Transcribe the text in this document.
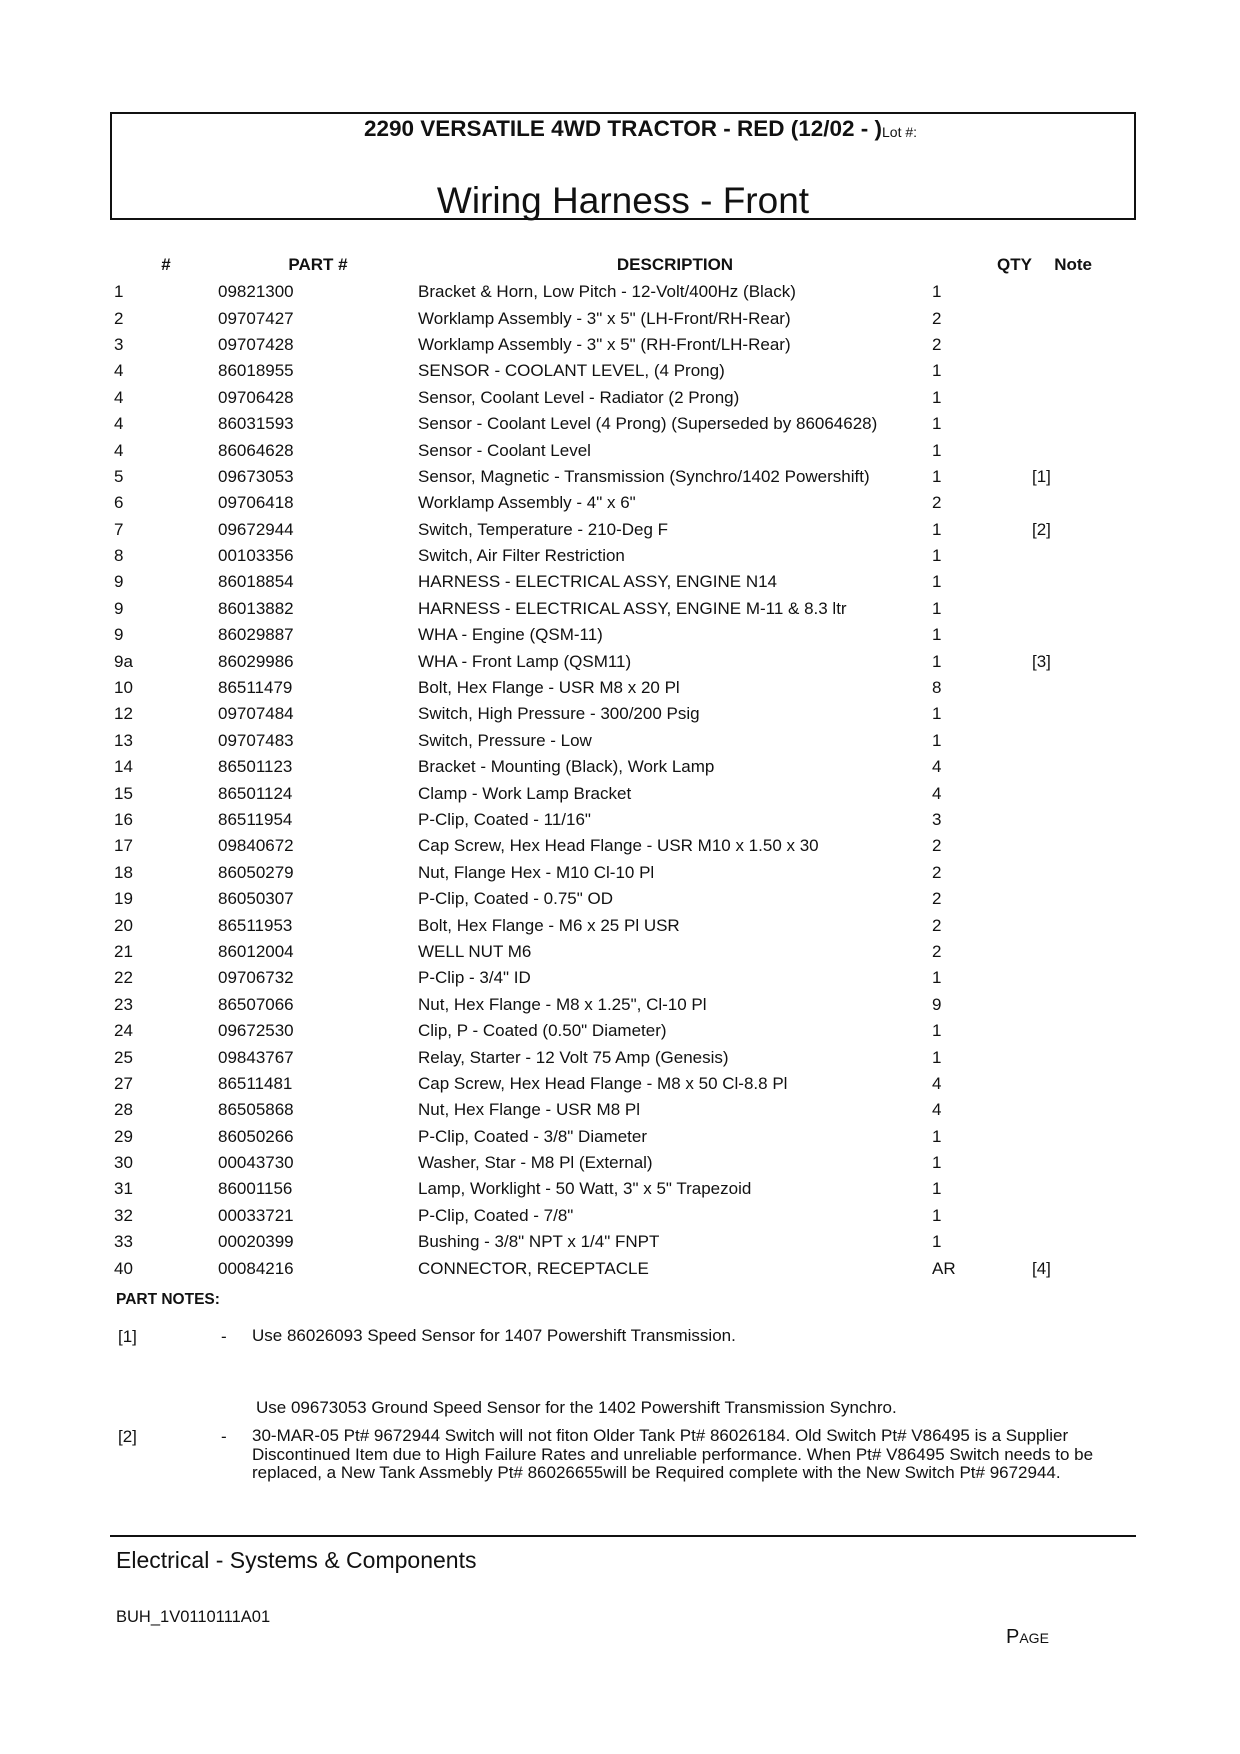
2290 VERSATILE 4WD TRACTOR - RED (12/02 - ) Lot #:
Wiring Harness - Front
#	PART #	DESCRIPTION	QTY	Note
1	09821300	Bracket & Horn, Low Pitch - 12-Volt/400Hz (Black)	1	
2	09707427	Worklamp Assembly - 3" x 5" (LH-Front/RH-Rear)	2	
3	09707428	Worklamp Assembly - 3" x 5" (RH-Front/LH-Rear)	2	
4	86018955	SENSOR - COOLANT LEVEL, (4 Prong)	1	
4	09706428	Sensor, Coolant Level - Radiator (2 Prong)	1	
4	86031593	Sensor - Coolant Level (4 Prong) (Superseded by 86064628)	1	
4	86064628	Sensor - Coolant Level	1	
5	09673053	Sensor, Magnetic - Transmission (Synchro/1402 Powershift)	1	[1]
6	09706418	Worklamp Assembly - 4" x 6"	2	
7	09672944	Switch, Temperature - 210-Deg F	1	[2]
8	00103356	Switch, Air Filter Restriction	1	
9	86018854	HARNESS - ELECTRICAL ASSY, ENGINE N14	1	
9	86013882	HARNESS - ELECTRICAL ASSY, ENGINE M-11 & 8.3 ltr	1	
9	86029887	WHA - Engine (QSM-11)	1	
9a	86029986	WHA - Front Lamp (QSM11)	1	[3]
10	86511479	Bolt, Hex Flange - USR M8 x 20 Pl	8	
12	09707484	Switch, High Pressure - 300/200 Psig	1	
13	09707483	Switch, Pressure - Low	1	
14	86501123	Bracket - Mounting (Black), Work Lamp	4	
15	86501124	Clamp - Work Lamp Bracket	4	
16	86511954	P-Clip, Coated - 11/16"	3	
17	09840672	Cap Screw, Hex Head Flange - USR M10 x 1.50 x 30	2	
18	86050279	Nut, Flange Hex - M10 Cl-10 Pl	2	
19	86050307	P-Clip, Coated - 0.75" OD	2	
20	86511953	Bolt, Hex Flange - M6 x 25 Pl USR	2	
21	86012004	WELL NUT M6	2	
22	09706732	P-Clip - 3/4" ID	1	
23	86507066	Nut, Hex Flange - M8 x 1.25", Cl-10 Pl	9	
24	09672530	Clip, P - Coated (0.50" Diameter)	1	
25	09843767	Relay, Starter - 12 Volt 75 Amp (Genesis)	1	
27	86511481	Cap Screw, Hex Head Flange - M8 x 50 Cl-8.8 Pl	4	
28	86505868	Nut, Hex Flange - USR M8 Pl	4	
29	86050266	P-Clip, Coated - 3/8" Diameter	1	
30	00043730	Washer, Star - M8 Pl (External)	1	
31	86001156	Lamp, Worklight - 50 Watt, 3" x 5" Trapezoid	1	
32	00033721	P-Clip, Coated - 7/8"	1	
33	00020399	Bushing - 3/8" NPT x 1/4" FNPT	1	
40	00084216	CONNECTOR, RECEPTACLE	AR	[4]
PART NOTES:
[1]	- Use 86026093 Speed Sensor for 1407 Powershift Transmission.
Use 09673053 Ground Speed Sensor for the 1402 Powershift Transmission Synchro.
[2]	- 30-MAR-05 Pt# 9672944 Switch will not fiton Older Tank Pt# 86026184. Old Switch Pt# V86495 is a Supplier Discontinued Item due to High Failure Rates and unreliable performance. When Pt# V86495 Switch needs to be replaced, a New Tank Assmebly Pt# 86026655will be Required complete with the New Switch Pt# 9672944.
Electrical - Systems & Components
BUH_1V0110111A01
Page
